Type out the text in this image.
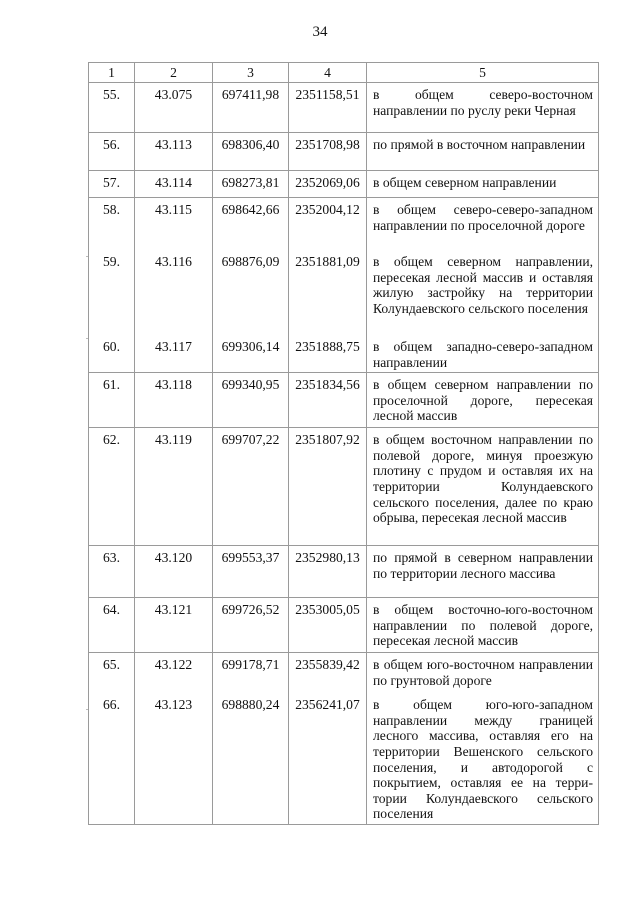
34
1	2	3	4	5
55.	43.075	697411,98	2351158,51	в общем северо-восточном направлении по руслу реки Черная
56.	43.113	698306,40	2351708,98	по прямой в восточном направлении
57.	43.114	698273,81	2352069,06	в общем северном направлении
58.	43.115	698642,66	2352004,12	в общем северо-северо-западном направлении по проселочной дороге
59.	43.116	698876,09	2351881,09	в общем северном направлении, пересекая лесной массив и оставляя жилую застройку на территории Колундаевского сельского поселения
60.	43.117	699306,14	2351888,75	в общем западно-северо-западном направлении
61.	43.118	699340,95	2351834,56	в общем северном направлении по проселочной дороге, пересекая лесной массив
62.	43.119	699707,22	2351807,92	в общем восточном направлении по полевой дороге, минуя проезжую плотину с прудом и оставляя их на территории Колундаевского сельского поселения, далее по краю обрыва, пересекая лесной массив
63.	43.120	699553,37	2352980,13	по прямой в северном направлении по территории лесного массива
64.	43.121	699726,52	2353005,05	в общем восточно-юго-восточном направлении по полевой дороге, пересекая лесной массив
65.	43.122	699178,71	2355839,42	в общем юго-восточном направлении по грунтовой дороге
66.	43.123	698880,24	2356241,07	в общем юго-юго-западном направлении между границей лесного массива, оставляя его на территории Вешенского сельского поселения, и автодорогой с покрытием, оставляя ее на территории Колундаевского сельского поселения
